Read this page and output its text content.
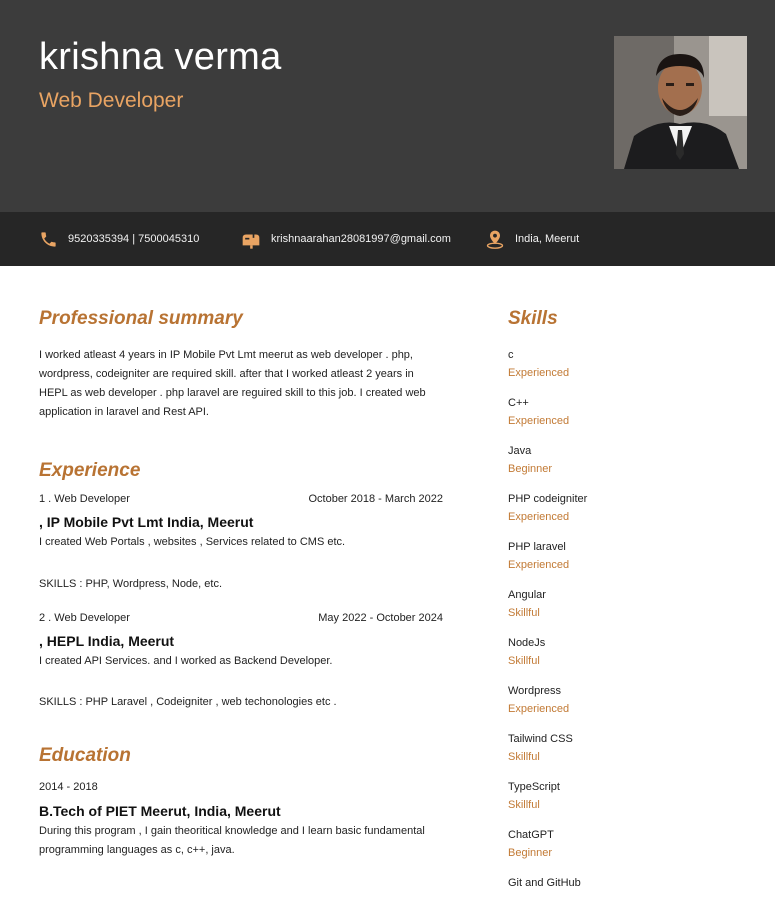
krishna verma
Web Developer
9520335394 | 7500045310	krishnaarahan28081997@gmail.com	India, Meerut
Professional summary

I worked atleast 4 years in IP Mobile Pvt Lmt meerut as web developer . php, wordpress, codeigniter are required skill. after that I worked atleast 2 years in HEPL as web developer . php laravel are reguired skill to this job. I created web application in laravel and Rest API.

Experience
1 . Web Developer	October 2018 - March 2022
, IP Mobile Pvt Lmt India, Meerut

I created Web Portals , websites , Services related to CMS etc.

SKILLS : PHP, Wordpress, Node, etc.

2 . Web Developer	May 2022 - October 2024
, HEPL India, Meerut

I created API Services. and I worked as Backend Developer.

SKILLS : PHP Laravel , Codeigniter , web techonologies etc .

Education
2014 - 2018
B.Tech of PIET Meerut, India, Meerut

During this program , I gain theoritical knowledge and I learn basic fundamental programming languages as c, c++, java.

Skills
c
Experienced
C++
Experienced
Java
Beginner
PHP codeigniter
Experienced
PHP laravel
Experienced
Angular
Skillful
NodeJs
Skillful
Wordpress
Experienced
Tailwind CSS
Skillful
TypeScript
Skillful
ChatGPT
Beginner
Git and GitHub
